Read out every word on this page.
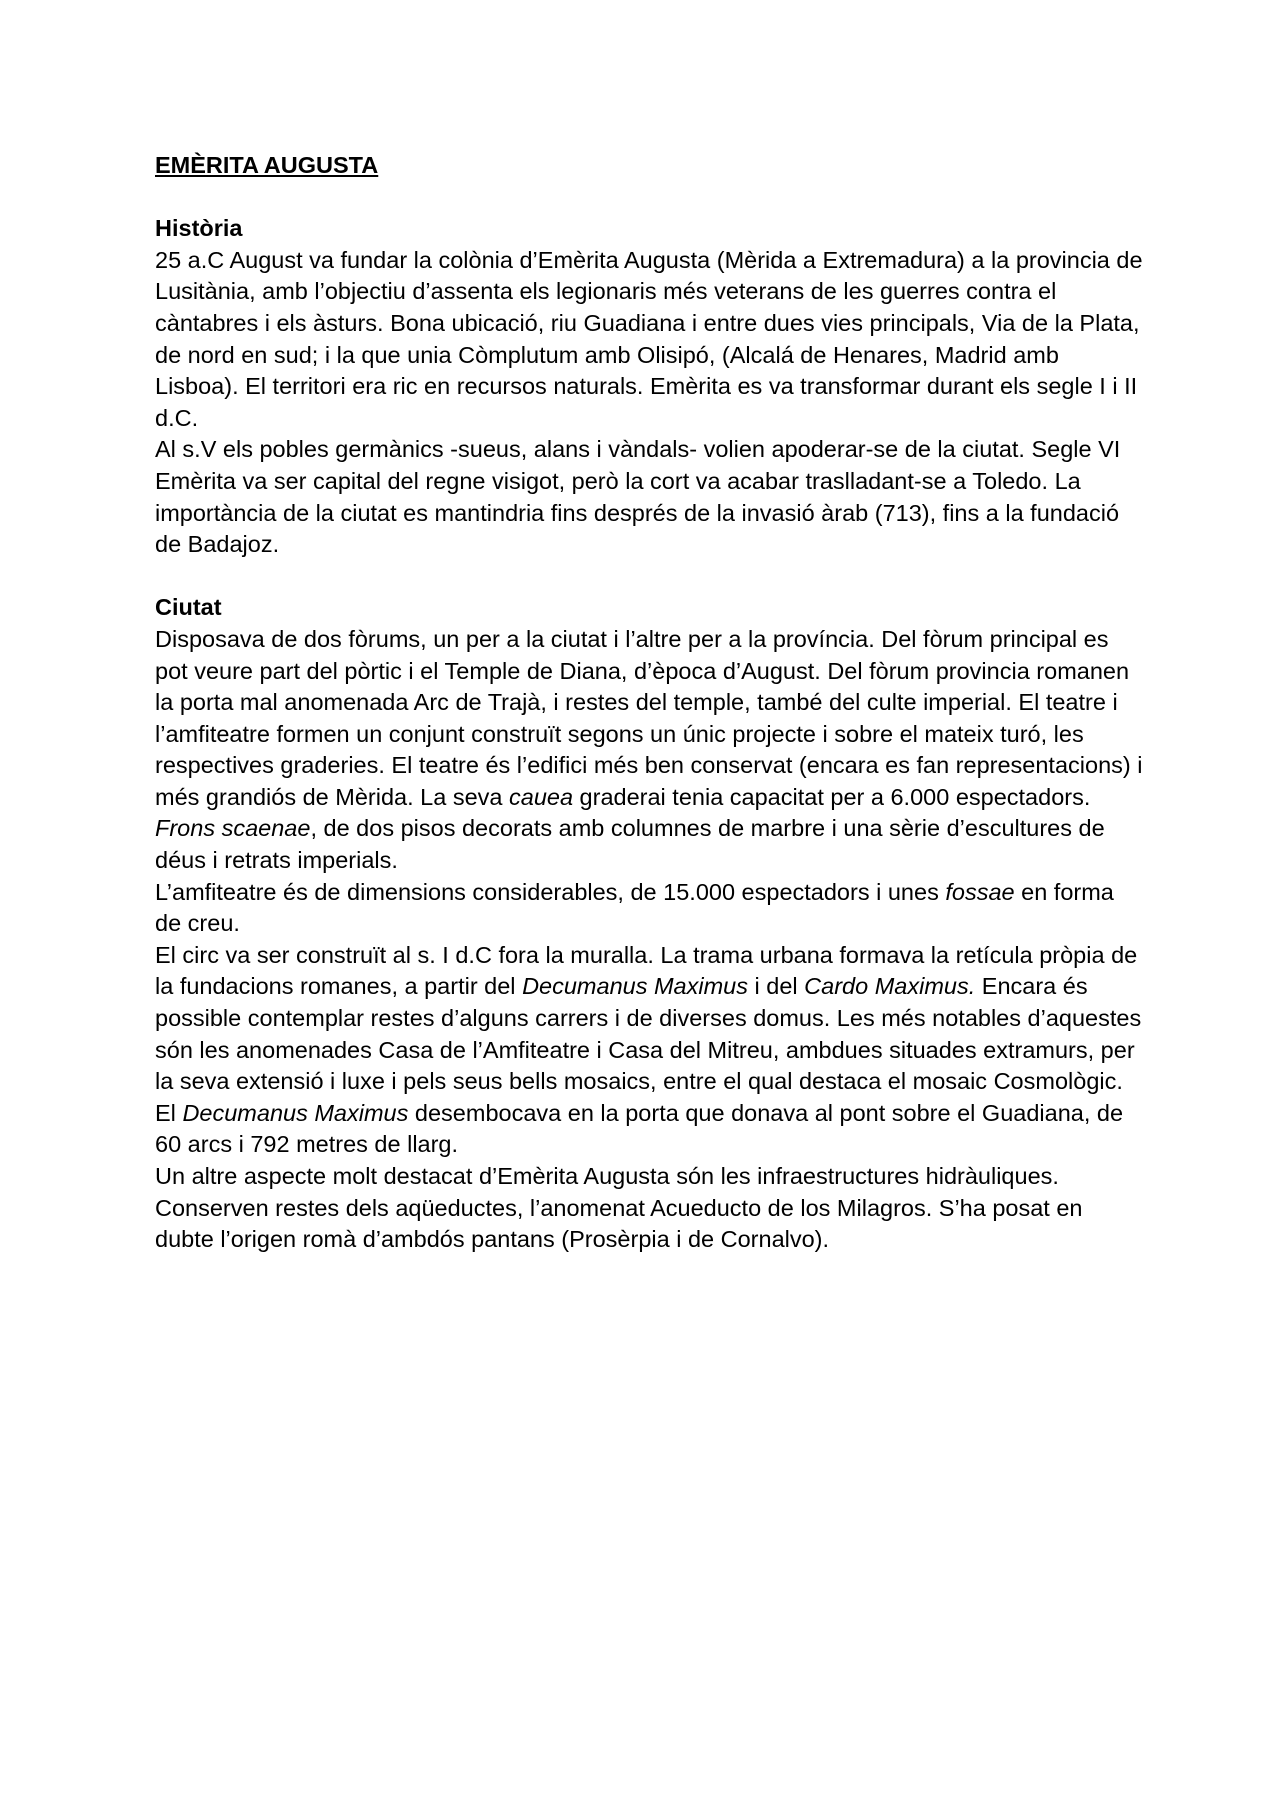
EMÈRITA AUGUSTA
Història

25 a.C August va fundar la colònia d’Emèrita Augusta (Mèrida a Extremadura) a la provincia de Lusitània, amb l’objectiu d’assenta els legionaris més veterans de les guerres contra el càntabres i els àsturs. Bona ubicació, riu Guadiana i entre dues vies principals, Via de la Plata, de nord en sud; i la que unia Còmplutum amb Olisipó, (Alcalá de Henares, Madrid amb Lisboa). El territori era ric en recursos naturals. Emèrita es va transformar durant els segle I i II d.C.

Al s.V els pobles germànics -sueus, alans i vàndals- volien apoderar-se de la ciutat. Segle VI Emèrita va ser capital del regne visigot, però la cort va acabar traslladant-se a Toledo. La importància de la ciutat es mantindria fins després de la invasió àrab (713), fins a la fundació de Badajoz.

Ciutat

Disposava de dos fòrums, un per a la ciutat i l’altre per a la província. Del fòrum principal es pot veure part del pòrtic i el Temple de Diana, d’època d’August. Del fòrum provincia romanen la porta mal anomenada Arc de Trajà, i restes del temple, també del culte imperial. El teatre i l’amfiteatre formen un conjunt construït segons un únic projecte i sobre el mateix turó, les respectives graderies. El teatre és l’edifici més ben conservat (encara es fan representacions) i més grandiós de Mèrida. La seva cauea graderai tenia capacitat per a 6.000 espectadors. Frons scaenae, de dos pisos decorats amb columnes de marbre i una sèrie d’escultures de déus i retrats imperials.

L’amfiteatre és de dimensions considerables, de 15.000 espectadors i unes fossae en forma de creu.

El circ va ser construït al s. I d.C fora la muralla. La trama urbana formava la retícula pròpia de la fundacions romanes, a partir del Decumanus Maximus i del Cardo Maximus. Encara és possible contemplar restes d’alguns carrers i de diverses domus. Les més notables d’aquestes són les anomenades Casa de l’Amfiteatre i Casa del Mitreu, ambdues situades extramurs, per la seva extensió i luxe i pels seus bells mosaics, entre el qual destaca el mosaic Cosmològic. El Decumanus Maximus desembocava en la porta que donava al pont sobre el Guadiana, de 60 arcs i 792 metres de llarg.

Un altre aspecte molt destacat d’Emèrita Augusta són les infraestructures hidràuliques. Conserven restes dels aqüeductes, l’anomenat Acueducto de los Milagros. S’ha posat en dubte l’origen romà d’ambdós pantans (Prosèrpia i de Cornalvo).
